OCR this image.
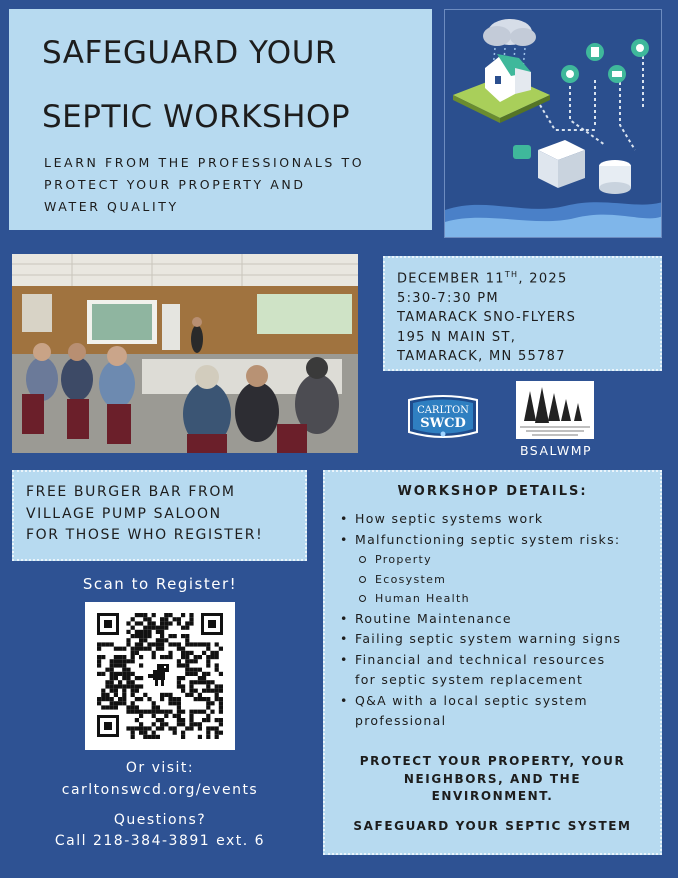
SAFEGUARD YOUR
SEPTIC WORKSHOP
LEARN FROM THE PROFESSIONALS TO
PROTECT YOUR PROPERTY AND
WATER QUALITY
DECEMBER 11TH, 2025
5:30-7:30 PM
TAMARACK SNO-FLYERS
195 N MAIN ST,
TAMARACK, MN 55787
CARLTON
SWCD
BSALWMP
FREE BURGER BAR FROM
VILLAGE PUMP SALOON
FOR THOSE WHO REGISTER!
Scan to Register!
Or visit:
carltonswcd.org/events
Questions?
Call 218-384-3891 ext. 6
WORKSHOP DETAILS:
• How septic systems work
• Malfunctioning septic system risks:
Property
Ecosystem
Human Health
• Routine Maintenance
• Failing septic system warning signs
• Financial and technical resources
for septic system replacement
• Q&A with a local septic system
professional
PROTECT YOUR PROPERTY, YOUR
NEIGHBORS, AND THE
ENVIRONMENT.
SAFEGUARD YOUR SEPTIC SYSTEM
